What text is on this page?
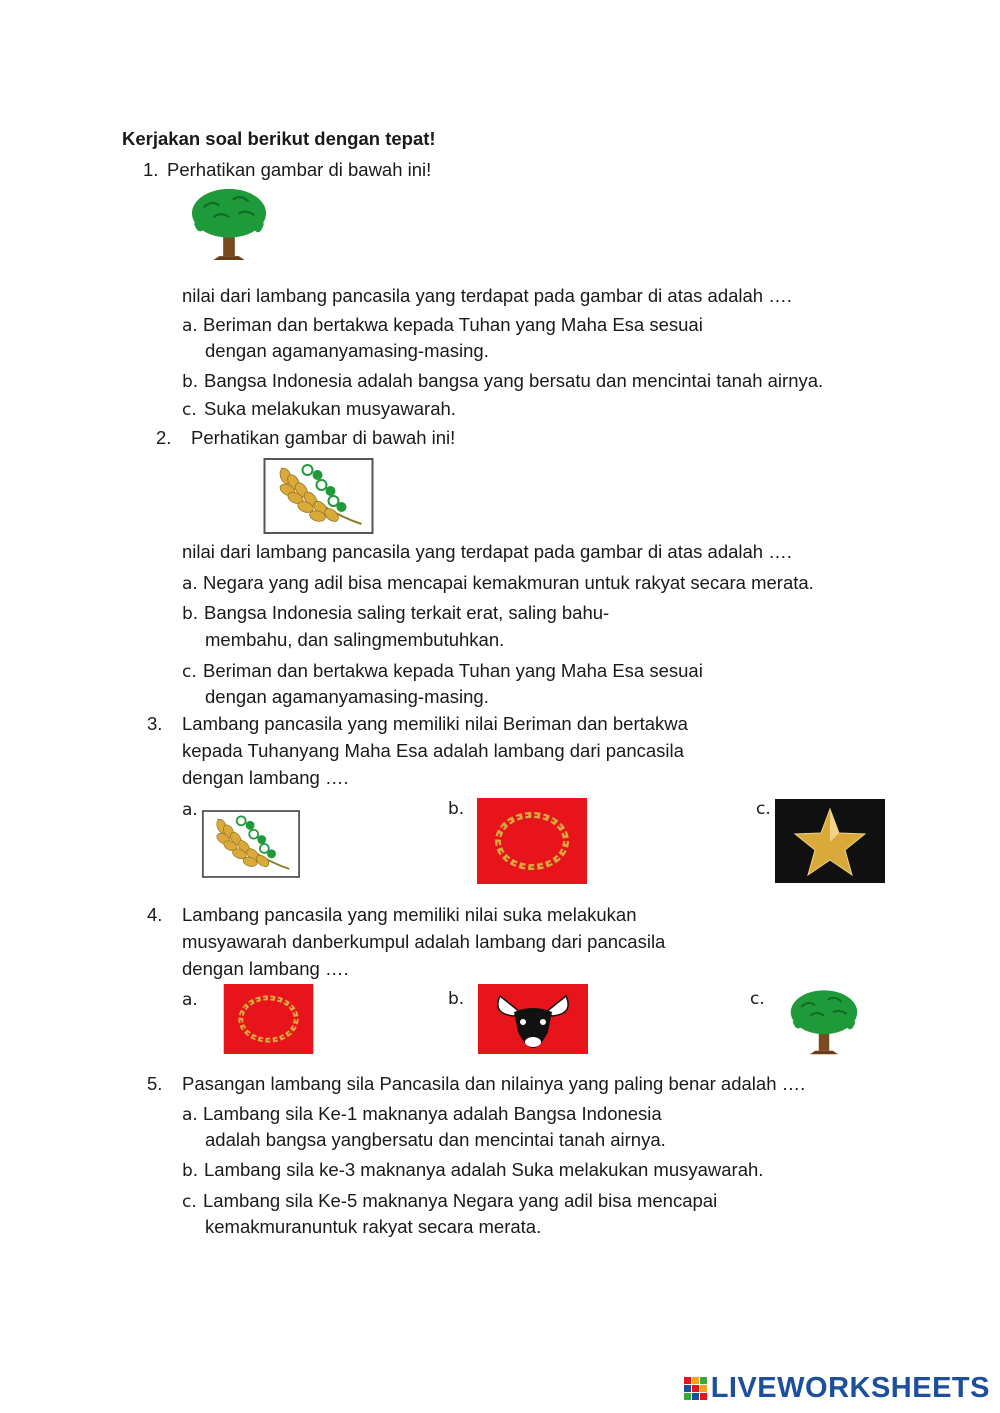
Kerjakan soal berikut dengan tepat!
1. Perhatikan gambar di bawah ini!
nilai dari lambang pancasila yang terdapat pada gambar di atas adalah ….
a. Beriman dan bertakwa kepada Tuhan yang Maha Esa sesuai
dengan agamanyamasing-masing.
b. Bangsa Indonesia adalah bangsa yang bersatu dan mencintai tanah airnya.
c. Suka melakukan musyawarah.
2. Perhatikan gambar di bawah ini!
nilai dari lambang pancasila yang terdapat pada gambar di atas adalah ….
a. Negara yang adil bisa mencapai kemakmuran untuk rakyat secara merata.
b. Bangsa Indonesia saling terkait erat, saling bahu-
membahu, dan salingmembutuhkan.
c. Beriman dan bertakwa kepada Tuhan yang Maha Esa sesuai
dengan agamanyamasing-masing.
3. Lambang pancasila yang memiliki nilai Beriman dan bertakwa
kepada Tuhanyang Maha Esa adalah lambang dari pancasila
dengan lambang ….
a.	b.	c.
4. Lambang pancasila yang memiliki nilai suka melakukan
musyawarah danberkumpul adalah lambang dari pancasila
dengan lambang ….
a.	b.	c.
5. Pasangan lambang sila Pancasila dan nilainya yang paling benar adalah ….
a. Lambang sila Ke-1 maknanya adalah Bangsa Indonesia
adalah bangsa yangbersatu dan mencintai tanah airnya.
b. Lambang sila ke-3 maknanya adalah Suka melakukan musyawarah.
c. Lambang sila Ke-5 maknanya Negara yang adil bisa mencapai
kemakmuranuntuk rakyat secara merata.
LIVEWORKSHEETS
